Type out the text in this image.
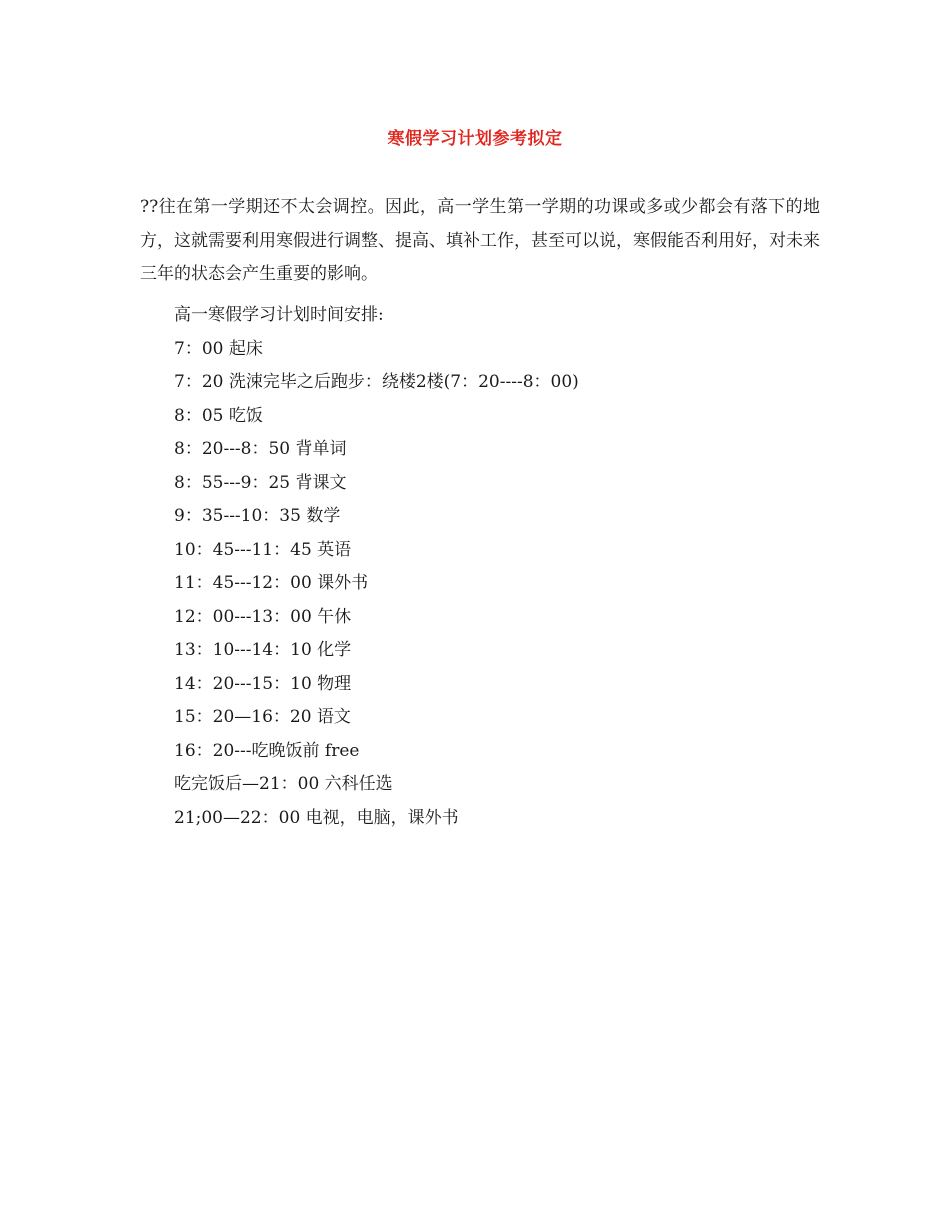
寒假学习计划参考拟定

??往在第一学期还不太会调控。因此，高一学生第一学期的功课或多或少都会有落下的地方，这就需要利用寒假进行调整、提高、填补工作，甚至可以说，寒假能否利用好，对未来三年的状态会产生重要的影响。

高一寒假学习计划时间安排:
7：00 起床
7：20 洗涑完毕之后跑步：绕楼2楼(7：20----8：00)
8：05 吃饭
8：20---8：50 背单词
8：55---9：25 背课文
9：35---10：35 数学
10：45---11：45 英语
11：45---12：00 课外书
12：00---13：00 午休
13：10---14：10 化学
14：20---15：10 物理
15：20—16：20 语文
16：20---吃晚饭前 free
吃完饭后—21：00 六科任选
21;00—22：00 电视，电脑，课外书
